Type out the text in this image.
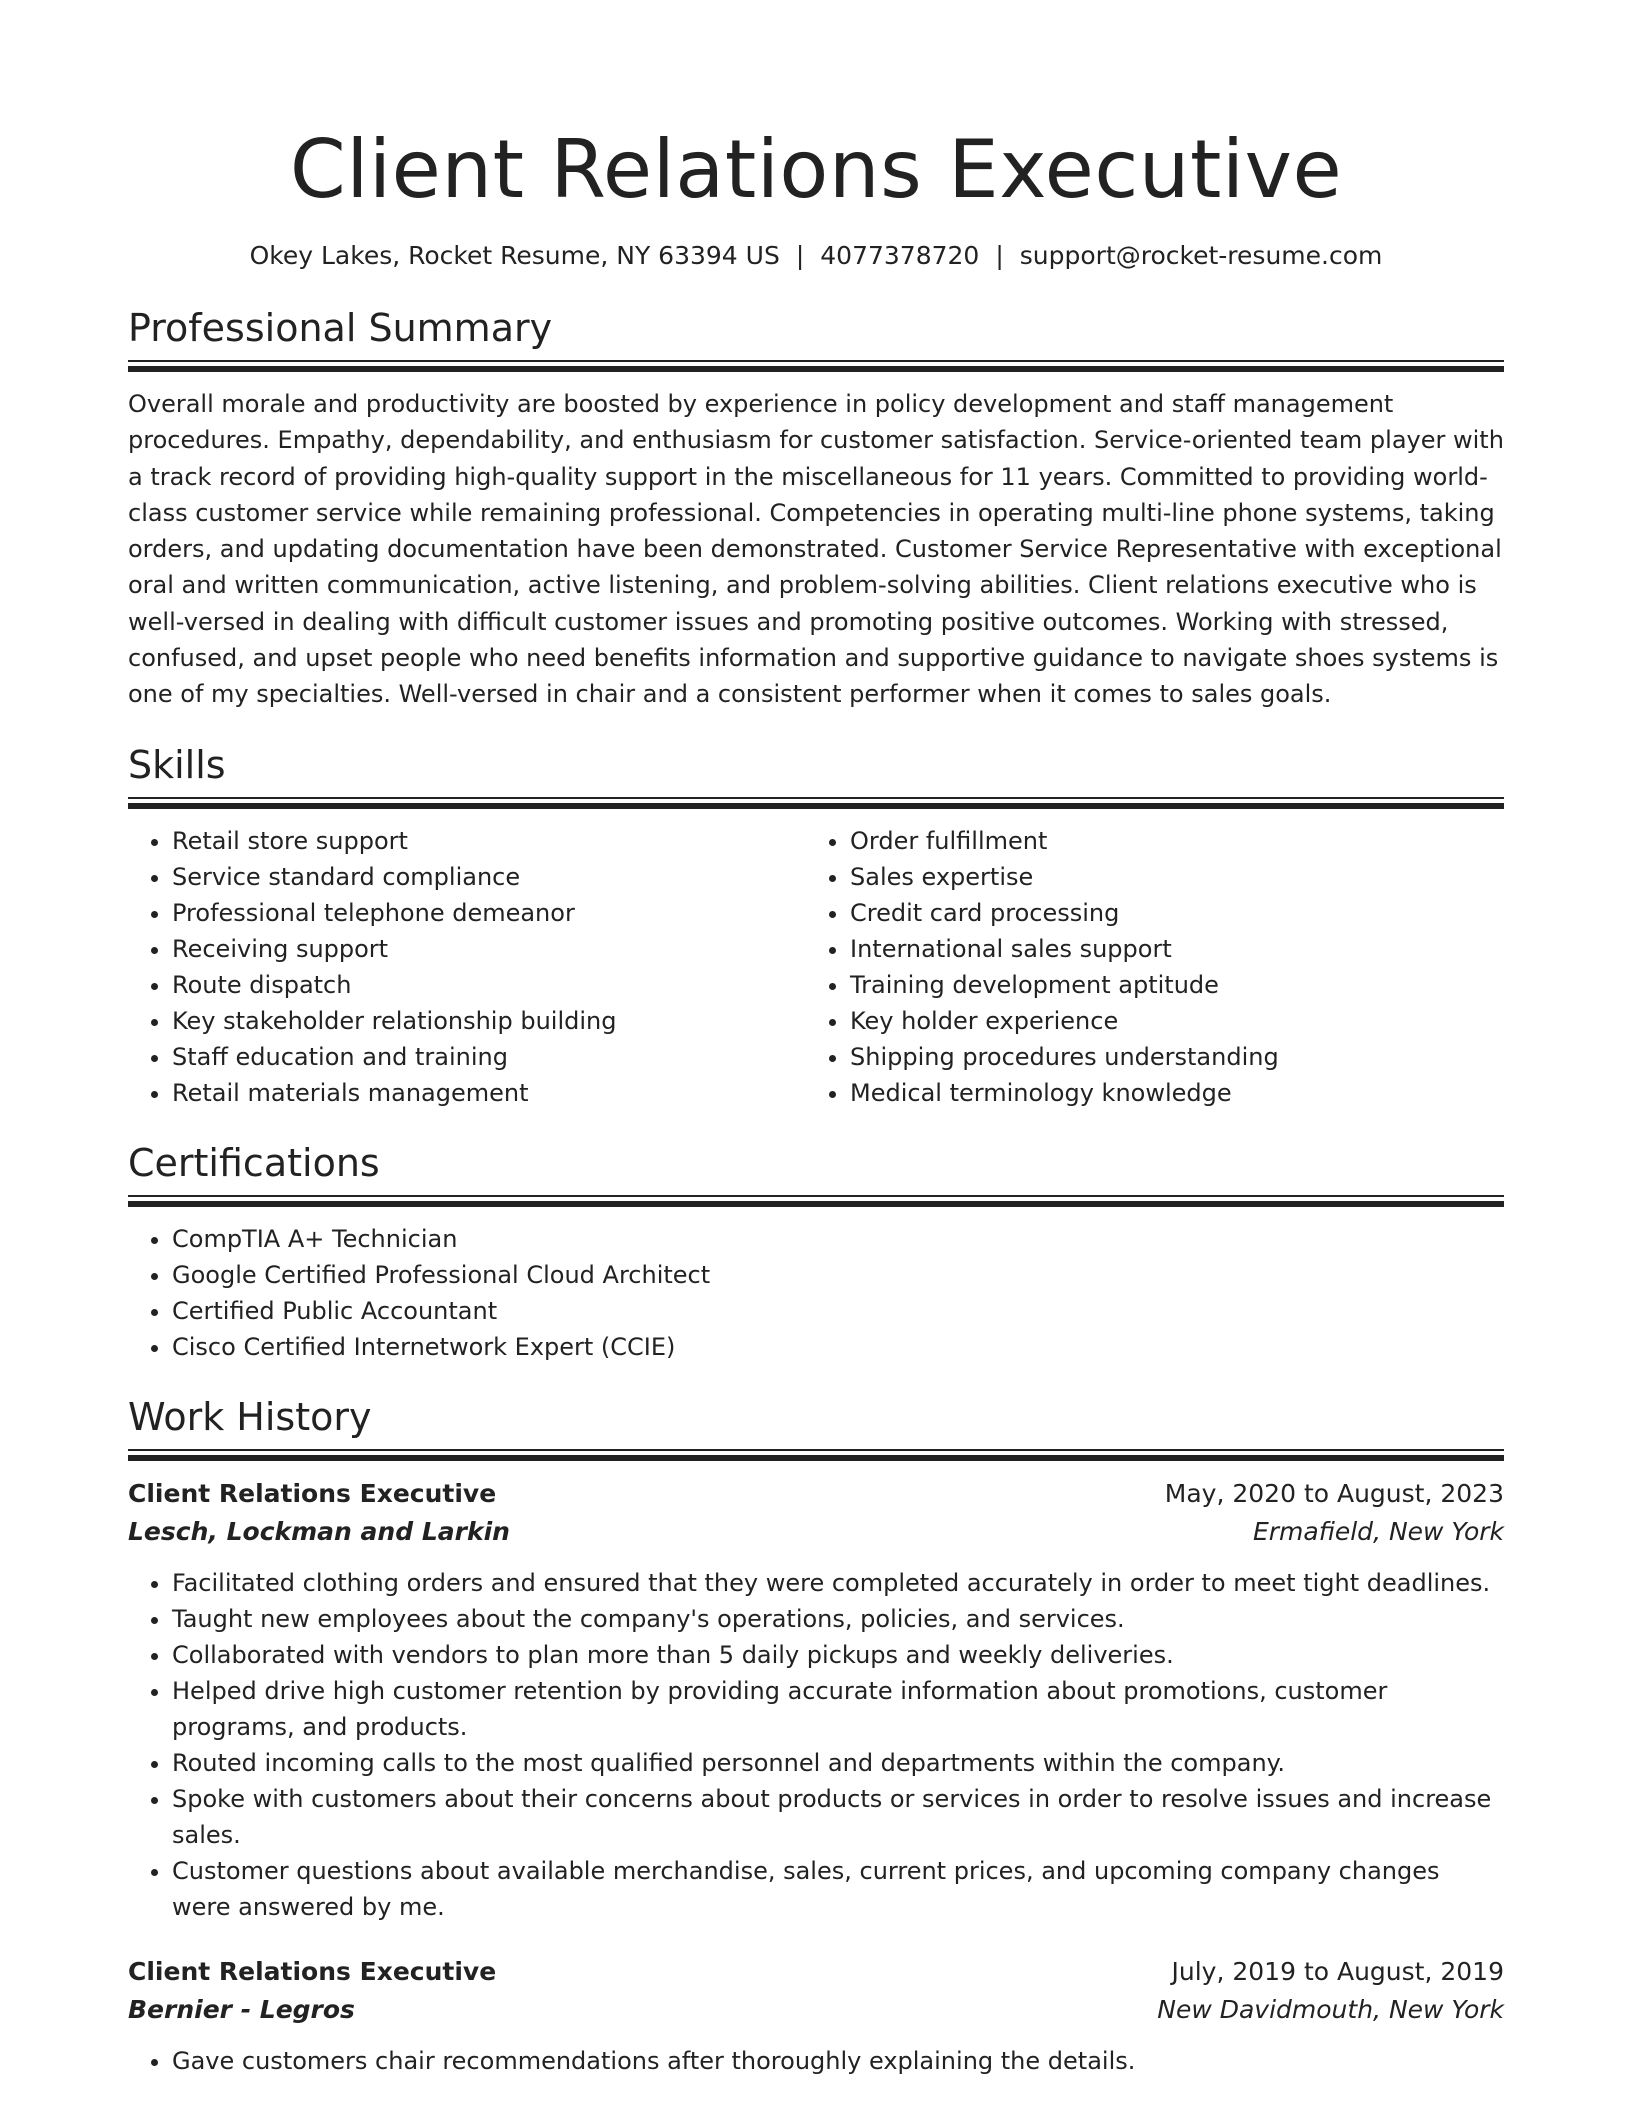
Client Relations Executive
Okey Lakes, Rocket Resume, NY 63394 US | 4077378720 | support@rocket-resume.com
Professional Summary
Overall morale and productivity are boosted by experience in policy development and staff management procedures. Empathy, dependability, and enthusiasm for customer satisfaction. Service-oriented team player with a track record of providing high-quality support in the miscellaneous for 11 years. Committed to providing world-class customer service while remaining professional. Competencies in operating multi-line phone systems, taking orders, and updating documentation have been demonstrated. Customer Service Representative with exceptional oral and written communication, active listening, and problem-solving abilities. Client relations executive who is well-versed in dealing with difficult customer issues and promoting positive outcomes. Working with stressed, confused, and upset people who need benefits information and supportive guidance to navigate shoes systems is one of my specialties. Well-versed in chair and a consistent performer when it comes to sales goals.
Skills
• Retail store support
• Service standard compliance
• Professional telephone demeanor
• Receiving support
• Route dispatch
• Key stakeholder relationship building
• Staff education and training
• Retail materials management
• Order fulfillment
• Sales expertise
• Credit card processing
• International sales support
• Training development aptitude
• Key holder experience
• Shipping procedures understanding
• Medical terminology knowledge
Certifications
• CompTIA A+ Technician
• Google Certified Professional Cloud Architect
• Certified Public Accountant
• Cisco Certified Internetwork Expert (CCIE)
Work History
Client Relations Executive	May, 2020 to August, 2023
Lesch, Lockman and Larkin	Ermafield, New York
• Facilitated clothing orders and ensured that they were completed accurately in order to meet tight deadlines.
• Taught new employees about the company's operations, policies, and services.
• Collaborated with vendors to plan more than 5 daily pickups and weekly deliveries.
• Helped drive high customer retention by providing accurate information about promotions, customer programs, and products.
• Routed incoming calls to the most qualified personnel and departments within the company.
• Spoke with customers about their concerns about products or services in order to resolve issues and increase sales.
• Customer questions about available merchandise, sales, current prices, and upcoming company changes were answered by me.
Client Relations Executive	July, 2019 to August, 2019
Bernier - Legros	New Davidmouth, New York
• Gave customers chair recommendations after thoroughly explaining the details.
